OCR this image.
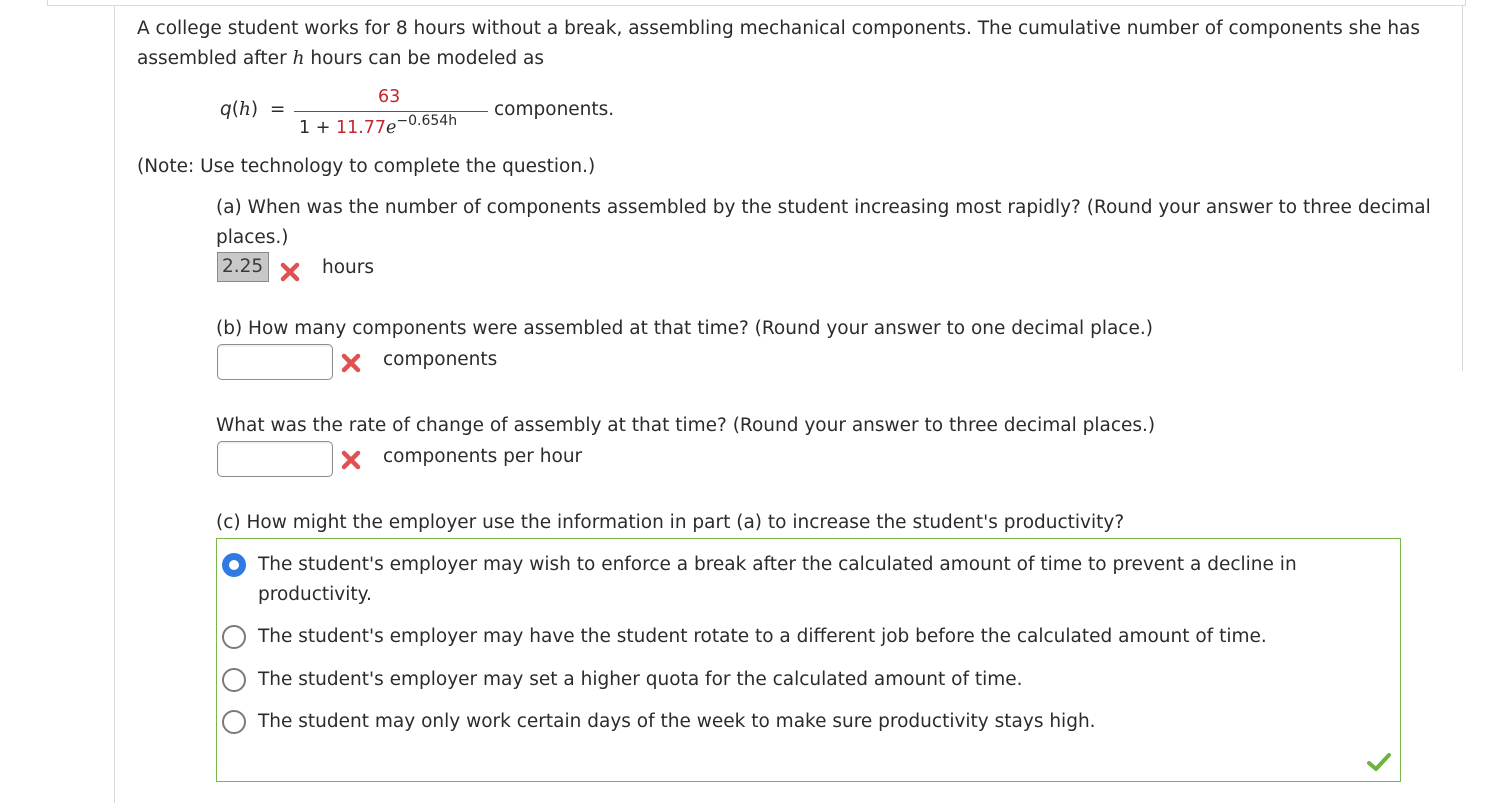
A college student works for 8 hours without a break, assembling mechanical components. The cumulative number of components she has assembled after h hours can be modeled as
q(h)  =
63
$1 + 11.77e^{-0.654h}$
components.
(Note: Use technology to complete the question.)
(a) When was the number of components assembled by the student increasing most rapidly? (Round your answer to three decimal places.)
2.25	hours
(b) How many components were assembled at that time? (Round your answer to one decimal place.)
components
What was the rate of change of assembly at that time? (Round your answer to three decimal places.)
components per hour
(c) How might the employer use the information in part (a) to increase the student's productivity?
The student's employer may wish to enforce a break after the calculated amount of time to prevent a decline in productivity.
The student's employer may have the student rotate to a different job before the calculated amount of time.
The student's employer may set a higher quota for the calculated amount of time.
The student may only work certain days of the week to make sure productivity stays high.
